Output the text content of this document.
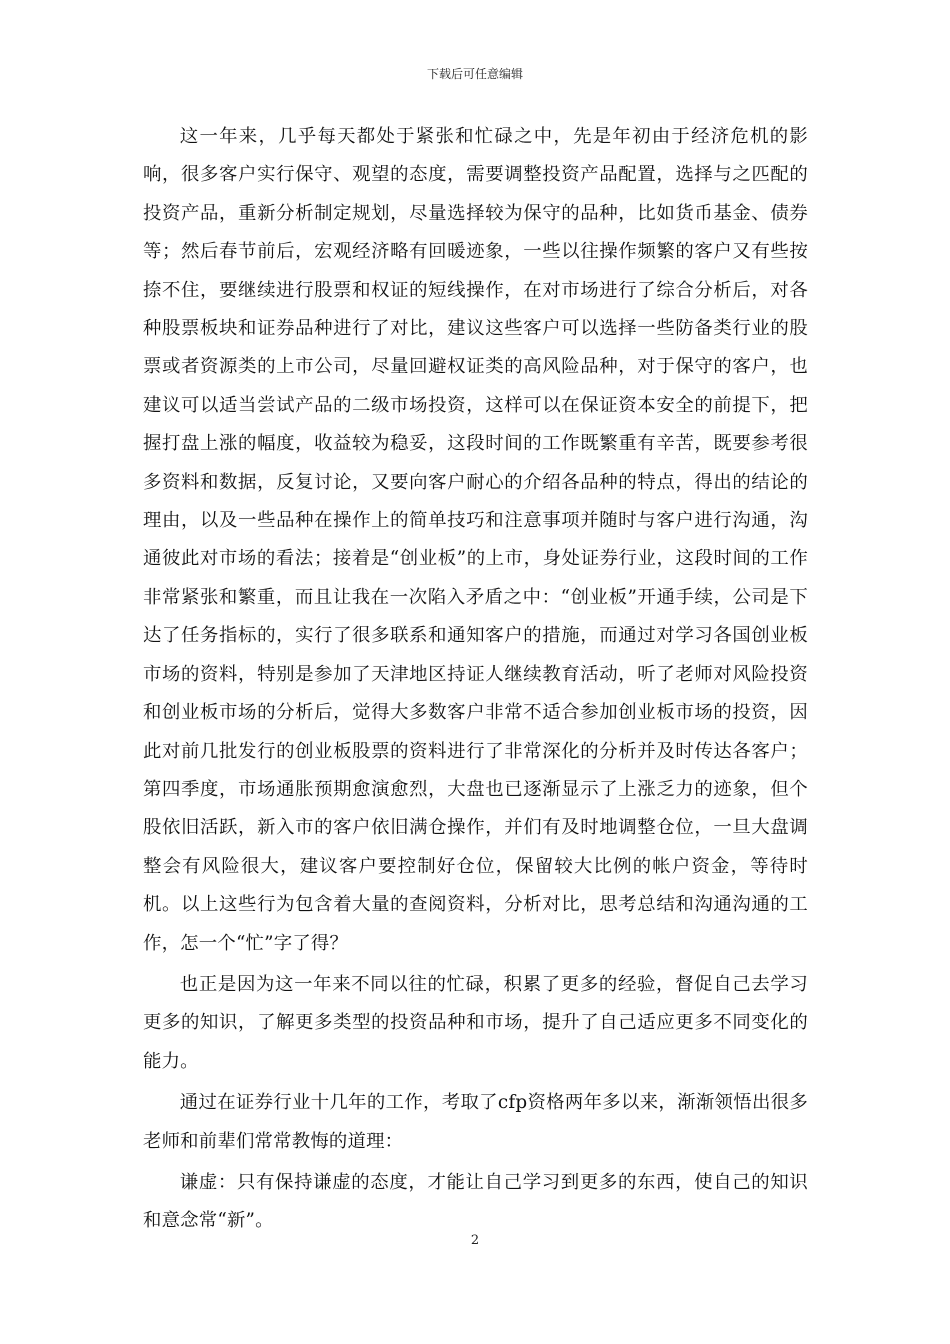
下载后可任意编辑

这一年来，几乎每天都处于紧张和忙碌之中，先是年初由于经济危机的影响，很多客户实行保守、观望的态度，需要调整投资产品配置，选择与之匹配的投资产品，重新分析制定规划，尽量选择较为保守的品种，比如货币基金、债券等；然后春节前后，宏观经济略有回暖迹象，一些以往操作频繁的客户又有些按捺不住，要继续进行股票和权证的短线操作，在对市场进行了综合分析后，对各种股票板块和证券品种进行了对比，建议这些客户可以选择一些防备类行业的股票或者资源类的上市公司，尽量回避权证类的高风险品种，对于保守的客户，也建议可以适当尝试产品的二级市场投资，这样可以在保证资本安全的前提下，把握打盘上涨的幅度，收益较为稳妥，这段时间的工作既繁重有辛苦，既要参考很多资料和数据，反复讨论，又要向客户耐心的介绍各品种的特点，得出的结论的理由，以及一些品种在操作上的简单技巧和注意事项并随时与客户进行沟通，沟通彼此对市场的看法；接着是“创业板”的上市，身处证券行业，这段时间的工作非常紧张和繁重，而且让我在一次陷入矛盾之中：“创业板”开通手续，公司是下达了任务指标的，实行了很多联系和通知客户的措施，而通过对学习各国创业板市场的资料，特别是参加了天津地区持证人继续教育活动，听了老师对风险投资和创业板市场的分析后，觉得大多数客户非常不适合参加创业板市场的投资，因此对前几批发行的创业板股票的资料进行了非常深化的分析并及时传达各客户；第四季度，市场通胀预期愈演愈烈，大盘也已逐渐显示了上涨乏力的迹象，但个股依旧活跃，新入市的客户依旧满仓操作，并们有及时地调整仓位，一旦大盘调整会有风险很大，建议客户要控制好仓位，保留较大比例的帐户资金，等待时机。以上这些行为包含着大量的查阅资料，分析对比，思考总结和沟通沟通的工作，怎一个“忙”字了得？

也正是因为这一年来不同以往的忙碌，积累了更多的经验，督促自己去学习更多的知识，了解更多类型的投资品种和市场，提升了自己适应更多不同变化的能力。

通过在证券行业十几年的工作，考取了cfp资格两年多以来，渐渐领悟出很多老师和前辈们常常教悔的道理：

谦虚：只有保持谦虚的态度，才能让自己学习到更多的东西，使自己的知识和意念常“新”。

2
